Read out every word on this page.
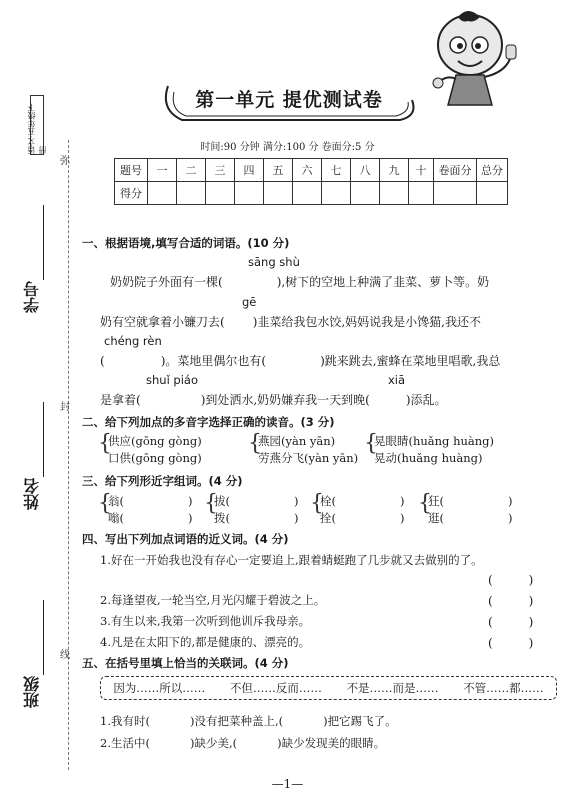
语文·五年级下册
弥
封
线
学号
姓名
班级
第一单元 提优测试卷
时间:90 分钟 满分:100 分 卷面分:5 分
题号	一	二	三	四	五	六	七	八	九	十	卷面分	总分
得分												
一、根据语境,填写合适的词语。(10 分)
sāng shù
奶奶院子外面有一棵(	),树下的空地上种满了韭菜、萝卜等。奶
gē
奶有空就拿着小镰刀去( )韭菜给我包水饺,妈妈说我是小馋猫,我还不
chéng rèn
(	)。菜地里偶尔也有(	)跳来跳去,蜜蜂在菜地里唱歌,我总
shuǐ piáo	xiā
是拿着(	)到处洒水,奶奶嫌弃我一天到晚(	)添乱。
二、给下列加点的多音字选择正确的读音。(3 分)
{
供应(gōng gòng)
口供(gōng gòng)
{
燕园(yàn yān)
劳燕分飞(yàn yān)
{
晃眼睛(huǎng huàng)
晃动(huǎng huàng)
三、给下列形近字组词。(4 分)
{
翁(	)
嗡(	)
{
拔(	)
拨(	)
{
栓(	)
拴(	)
{
狂(	)
逛(	)
四、写出下列加点词语的近义词。(4 分)
1.好在一开始我也没有存心一定要追上,跟着蜻蜓跑了几步就又去做别的了。
(　　　)
2.每逢望夜,一轮当空,月光闪耀于碧波之上。	(　　　)
3.有生以来,我第一次听到他训斥我母亲。	(　　　)
4.凡是在太阳下的,都是健康的、漂亮的。	(　　　)
五、在括号里填上恰当的关联词。(4 分)
因为……所以…… 不但……反而…… 不是……而是…… 不管……都……
1.我有时(	)没有把菜种盖上,(	)把它踢飞了。
2.生活中(	)缺少美,(	)缺少发现美的眼睛。
—1—
